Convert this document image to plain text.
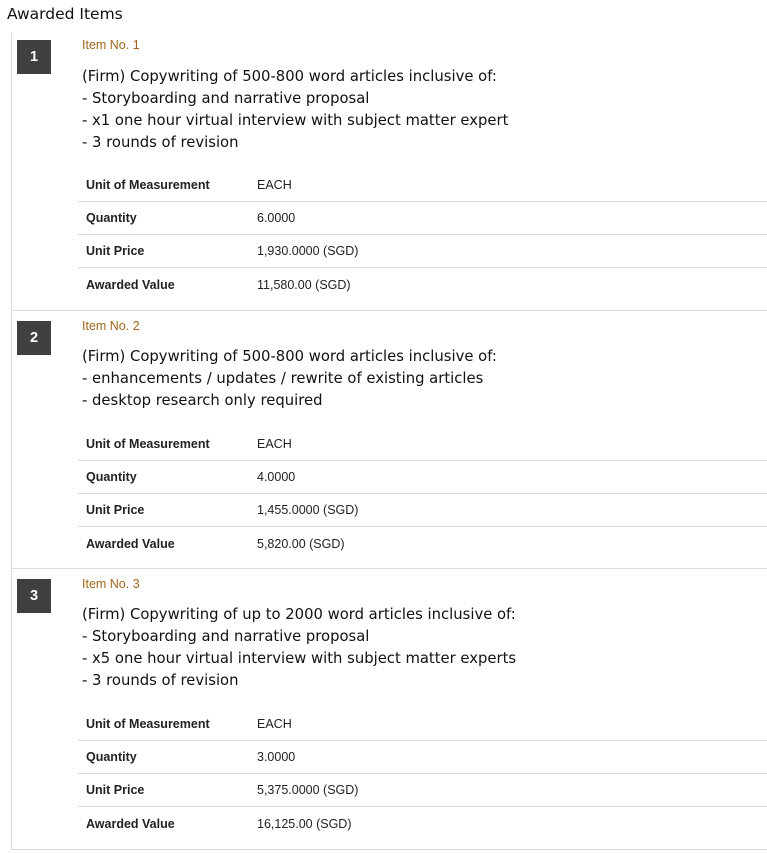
Awarded Items
1
Item No. 1
(Firm) Copywriting of 500-800 word articles inclusive of:
- Storyboarding and narrative proposal
- x1 one hour virtual interview with subject matter expert
- 3 rounds of revision
Unit of Measurement	EACH
Quantity	6.0000
Unit Price	1,930.0000 (SGD)
Awarded Value	11,580.00 (SGD)
2
Item No. 2
(Firm) Copywriting of 500-800 word articles inclusive of:
- enhancements / updates / rewrite of existing articles
- desktop research only required
Unit of Measurement	EACH
Quantity	4.0000
Unit Price	1,455.0000 (SGD)
Awarded Value	5,820.00 (SGD)
3
Item No. 3
(Firm) Copywriting of up to 2000 word articles inclusive of:
- Storyboarding and narrative proposal
- x5 one hour virtual interview with subject matter experts
- 3 rounds of revision
Unit of Measurement	EACH
Quantity	3.0000
Unit Price	5,375.0000 (SGD)
Awarded Value	16,125.00 (SGD)
